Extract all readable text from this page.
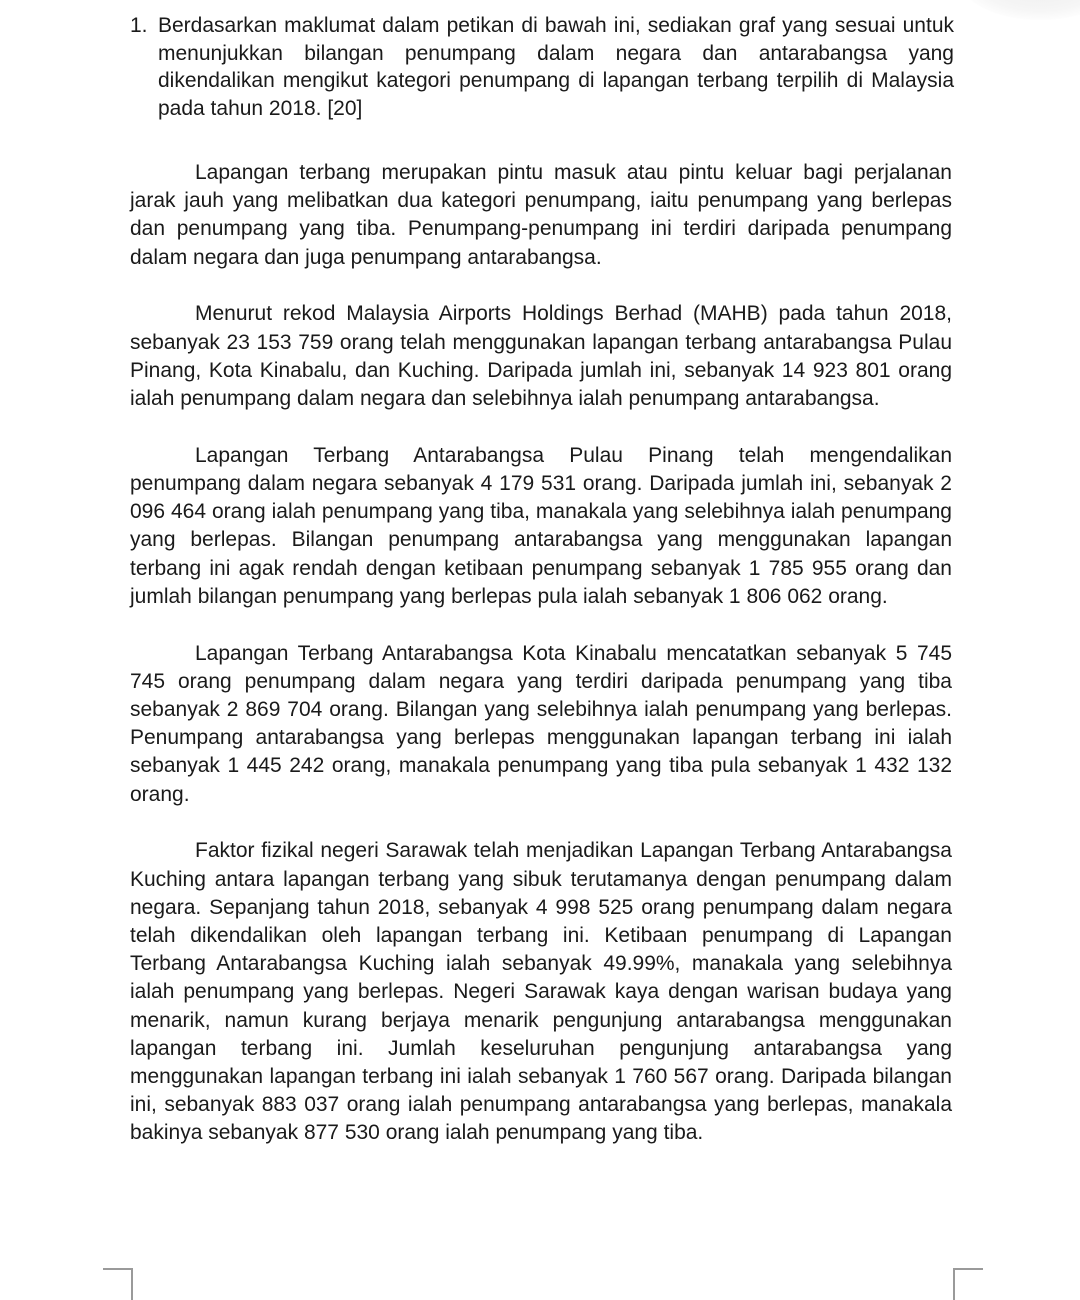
1. Berdasarkan maklumat dalam petikan di bawah ini, sediakan graf yang sesuai untuk menunjukkan bilangan penumpang dalam negara dan antarabangsa yang dikendalikan mengikut kategori penumpang di lapangan terbang terpilih di Malaysia pada tahun 2018. [20]

Lapangan terbang merupakan pintu masuk atau pintu keluar bagi perjalanan jarak jauh yang melibatkan dua kategori penumpang, iaitu penumpang yang berlepas dan penumpang yang tiba. Penumpang-penumpang ini terdiri daripada penumpang dalam negara dan juga penumpang antarabangsa.

Menurut rekod Malaysia Airports Holdings Berhad (MAHB) pada tahun 2018, sebanyak 23 153 759 orang telah menggunakan lapangan terbang antarabangsa Pulau Pinang, Kota Kinabalu, dan Kuching. Daripada jumlah ini, sebanyak 14 923 801 orang ialah penumpang dalam negara dan selebihnya ialah penumpang antarabangsa.

Lapangan Terbang Antarabangsa Pulau Pinang telah mengendalikan penumpang dalam negara sebanyak 4 179 531 orang. Daripada jumlah ini, sebanyak 2 096 464 orang ialah penumpang yang tiba, manakala yang selebihnya ialah penumpang yang berlepas. Bilangan penumpang antarabangsa yang menggunakan lapangan terbang ini agak rendah dengan ketibaan penumpang sebanyak 1 785 955 orang dan jumlah bilangan penumpang yang berlepas pula ialah sebanyak 1 806 062 orang.

Lapangan Terbang Antarabangsa Kota Kinabalu mencatatkan sebanyak 5 745 745 orang penumpang dalam negara yang terdiri daripada penumpang yang tiba sebanyak 2 869 704 orang. Bilangan yang selebihnya ialah penumpang yang berlepas. Penumpang antarabangsa yang berlepas menggunakan lapangan terbang ini ialah sebanyak 1 445 242 orang, manakala penumpang yang tiba pula sebanyak 1 432 132 orang.

Faktor fizikal negeri Sarawak telah menjadikan Lapangan Terbang Antarabangsa Kuching antara lapangan terbang yang sibuk terutamanya dengan penumpang dalam negara. Sepanjang tahun 2018, sebanyak 4 998 525 orang penumpang dalam negara telah dikendalikan oleh lapangan terbang ini. Ketibaan penumpang di Lapangan Terbang Antarabangsa Kuching ialah sebanyak 49.99%, manakala yang selebihnya ialah penumpang yang berlepas. Negeri Sarawak kaya dengan warisan budaya yang menarik, namun kurang berjaya menarik pengunjung antarabangsa menggunakan lapangan terbang ini. Jumlah keseluruhan pengunjung antarabangsa yang menggunakan lapangan terbang ini ialah sebanyak 1 760 567 orang. Daripada bilangan ini, sebanyak 883 037 orang ialah penumpang antarabangsa yang berlepas, manakala bakinya sebanyak 877 530 orang ialah penumpang yang tiba.
